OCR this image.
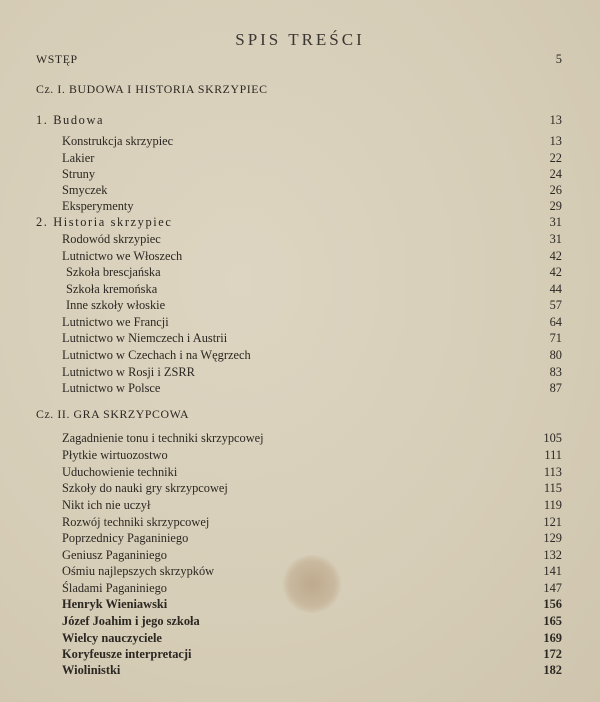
SPIS TREŚCI
WSTĘP	5
Cz. I. BUDOWA I HISTORIA SKRZYPIEC
1. Budowa	13
Konstrukcja skrzypiec	13
Lakier	22
Struny	24
Smyczek	26
Eksperymenty	29
2. Historia skrzypiec	31
Rodowód skrzypiec	31
Lutnictwo we Włoszech	42
Szkoła brescjańska	42
Szkoła kremońska	44
Inne szkoły włoskie	57
Lutnictwo we Francji	64
Lutnictwo w Niemczech i Austrii	71
Lutnictwo w Czechach i na Węgrzech	80
Lutnictwo w Rosji i ZSRR	83
Lutnictwo w Polsce	87
Cz. II. GRA SKRZYPCOWA
Zagadnienie tonu i techniki skrzypcowej	105
Płytkie wirtuozostwo	111
Uduchowienie techniki	113
Szkoły do nauki gry skrzypcowej	115
Nikt ich nie uczył	119
Rozwój techniki skrzypcowej	121
Poprzednicy Paganiniego	129
Geniusz Paganiniego	132
Ośmiu najlepszych skrzypków	141
Śladami Paganiniego	147
Henryk Wieniawski	156
Józef Joahim i jego szkoła	165
Wielcy nauczyciele	169
Koryfeusze interpretacji	172
Wiolinistki	182
